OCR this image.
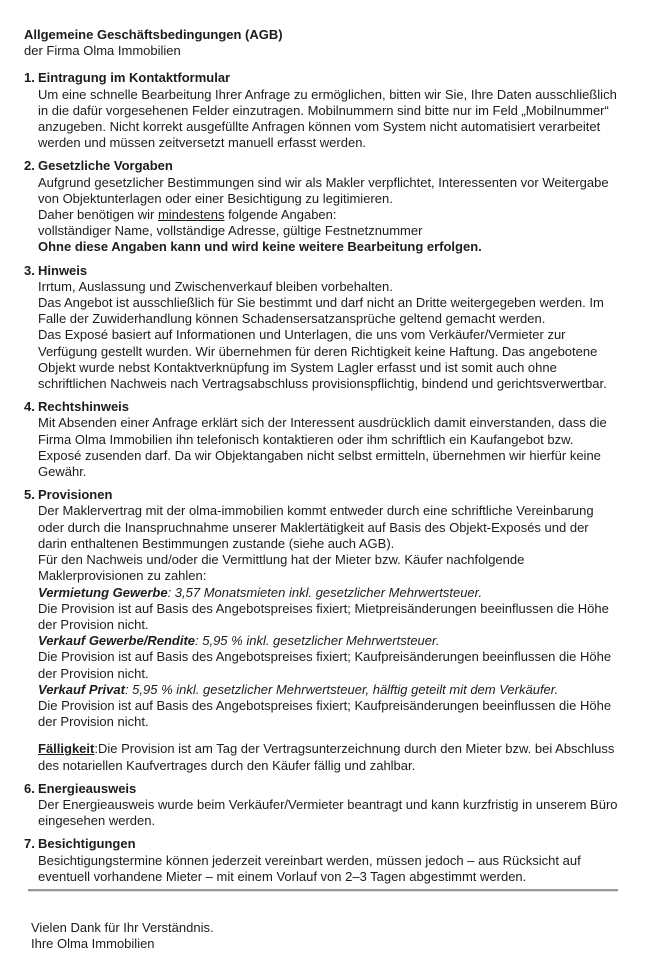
Allgemeine Geschäftsbedingungen (AGB)
der Firma Olma Immobilien
1. Eintragung im Kontaktformular
Um eine schnelle Bearbeitung Ihrer Anfrage zu ermöglichen, bitten wir Sie, Ihre Daten ausschließlich in die dafür vorgesehenen Felder einzutragen. Mobilnummern sind bitte nur im Feld „Mobilnummer“ anzugeben. Nicht korrekt ausgefüllte Anfragen können vom System nicht automatisiert verarbeitet werden und müssen zeitversetzt manuell erfasst werden.
2. Gesetzliche Vorgaben
Aufgrund gesetzlicher Bestimmungen sind wir als Makler verpflichtet, Interessenten vor Weitergabe von Objektunterlagen oder einer Besichtigung zu legitimieren.
Daher benötigen wir mindestens folgende Angaben:
vollständiger Name, vollständige Adresse, gültige Festnetznummer
Ohne diese Angaben kann und wird keine weitere Bearbeitung erfolgen.
3. Hinweis
Irrtum, Auslassung und Zwischenverkauf bleiben vorbehalten.
Das Angebot ist ausschließlich für Sie bestimmt und darf nicht an Dritte weitergegeben werden. Im Falle der Zuwiderhandlung können Schadensersatzansprüche geltend gemacht werden.
Das Exposé basiert auf Informationen und Unterlagen, die uns vom Verkäufer/Vermieter zur Verfügung gestellt wurden. Wir übernehmen für deren Richtigkeit keine Haftung. Das angebotene Objekt wurde nebst Kontaktverknüpfung im System Lagler erfasst und ist somit auch ohne schriftlichen Nachweis nach Vertragsabschluss provisionspflichtig, bindend und gerichtsverwertbar.
4. Rechtshinweis
Mit Absenden einer Anfrage erklärt sich der Interessent ausdrücklich damit einverstanden, dass die Firma Olma Immobilien ihn telefonisch kontaktieren oder ihm schriftlich ein Kaufangebot bzw. Exposé zusenden darf. Da wir Objektangaben nicht selbst ermitteln, übernehmen wir hierfür keine Gewähr.
5. Provisionen
Der Maklervertrag mit der olma-immobilien kommt entweder durch eine schriftliche Vereinbarung oder durch die Inanspruchnahme unserer Maklertätigkeit auf Basis des Objekt-Exposés und der darin enthaltenen Bestimmungen zustande (siehe auch AGB).
Für den Nachweis und/oder die Vermittlung hat der Mieter bzw. Käufer nachfolgende Maklerprovisionen zu zahlen:
Vermietung Gewerbe: 3,57 Monatsmieten inkl. gesetzlicher Mehrwertsteuer.
Die Provision ist auf Basis des Angebotspreises fixiert; Mietpreisänderungen beeinflussen die Höhe der Provision nicht.
Verkauf Gewerbe/Rendite: 5,95 % inkl. gesetzlicher Mehrwertsteuer.
Die Provision ist auf Basis des Angebotspreises fixiert; Kaufpreisänderungen beeinflussen die Höhe der Provision nicht.
Verkauf Privat: 5,95 % inkl. gesetzlicher Mehrwertsteuer, hälftig geteilt mit dem Verkäufer.
Die Provision ist auf Basis des Angebotspreises fixiert; Kaufpreisänderungen beeinflussen die Höhe der Provision nicht.
Fälligkeit:Die Provision ist am Tag der Vertragsunterzeichnung durch den Mieter bzw. bei Abschluss des notariellen Kaufvertrages durch den Käufer fällig und zahlbar.
6. Energieausweis
Der Energieausweis wurde beim Verkäufer/Vermieter beantragt und kann kurzfristig in unserem Büro eingesehen werden.
7. Besichtigungen
Besichtigungstermine können jederzeit vereinbart werden, müssen jedoch – aus Rücksicht auf eventuell vorhandene Mieter – mit einem Vorlauf von 2–3 Tagen abgestimmt werden.
Vielen Dank für Ihr Verständnis.
Ihre Olma Immobilien
